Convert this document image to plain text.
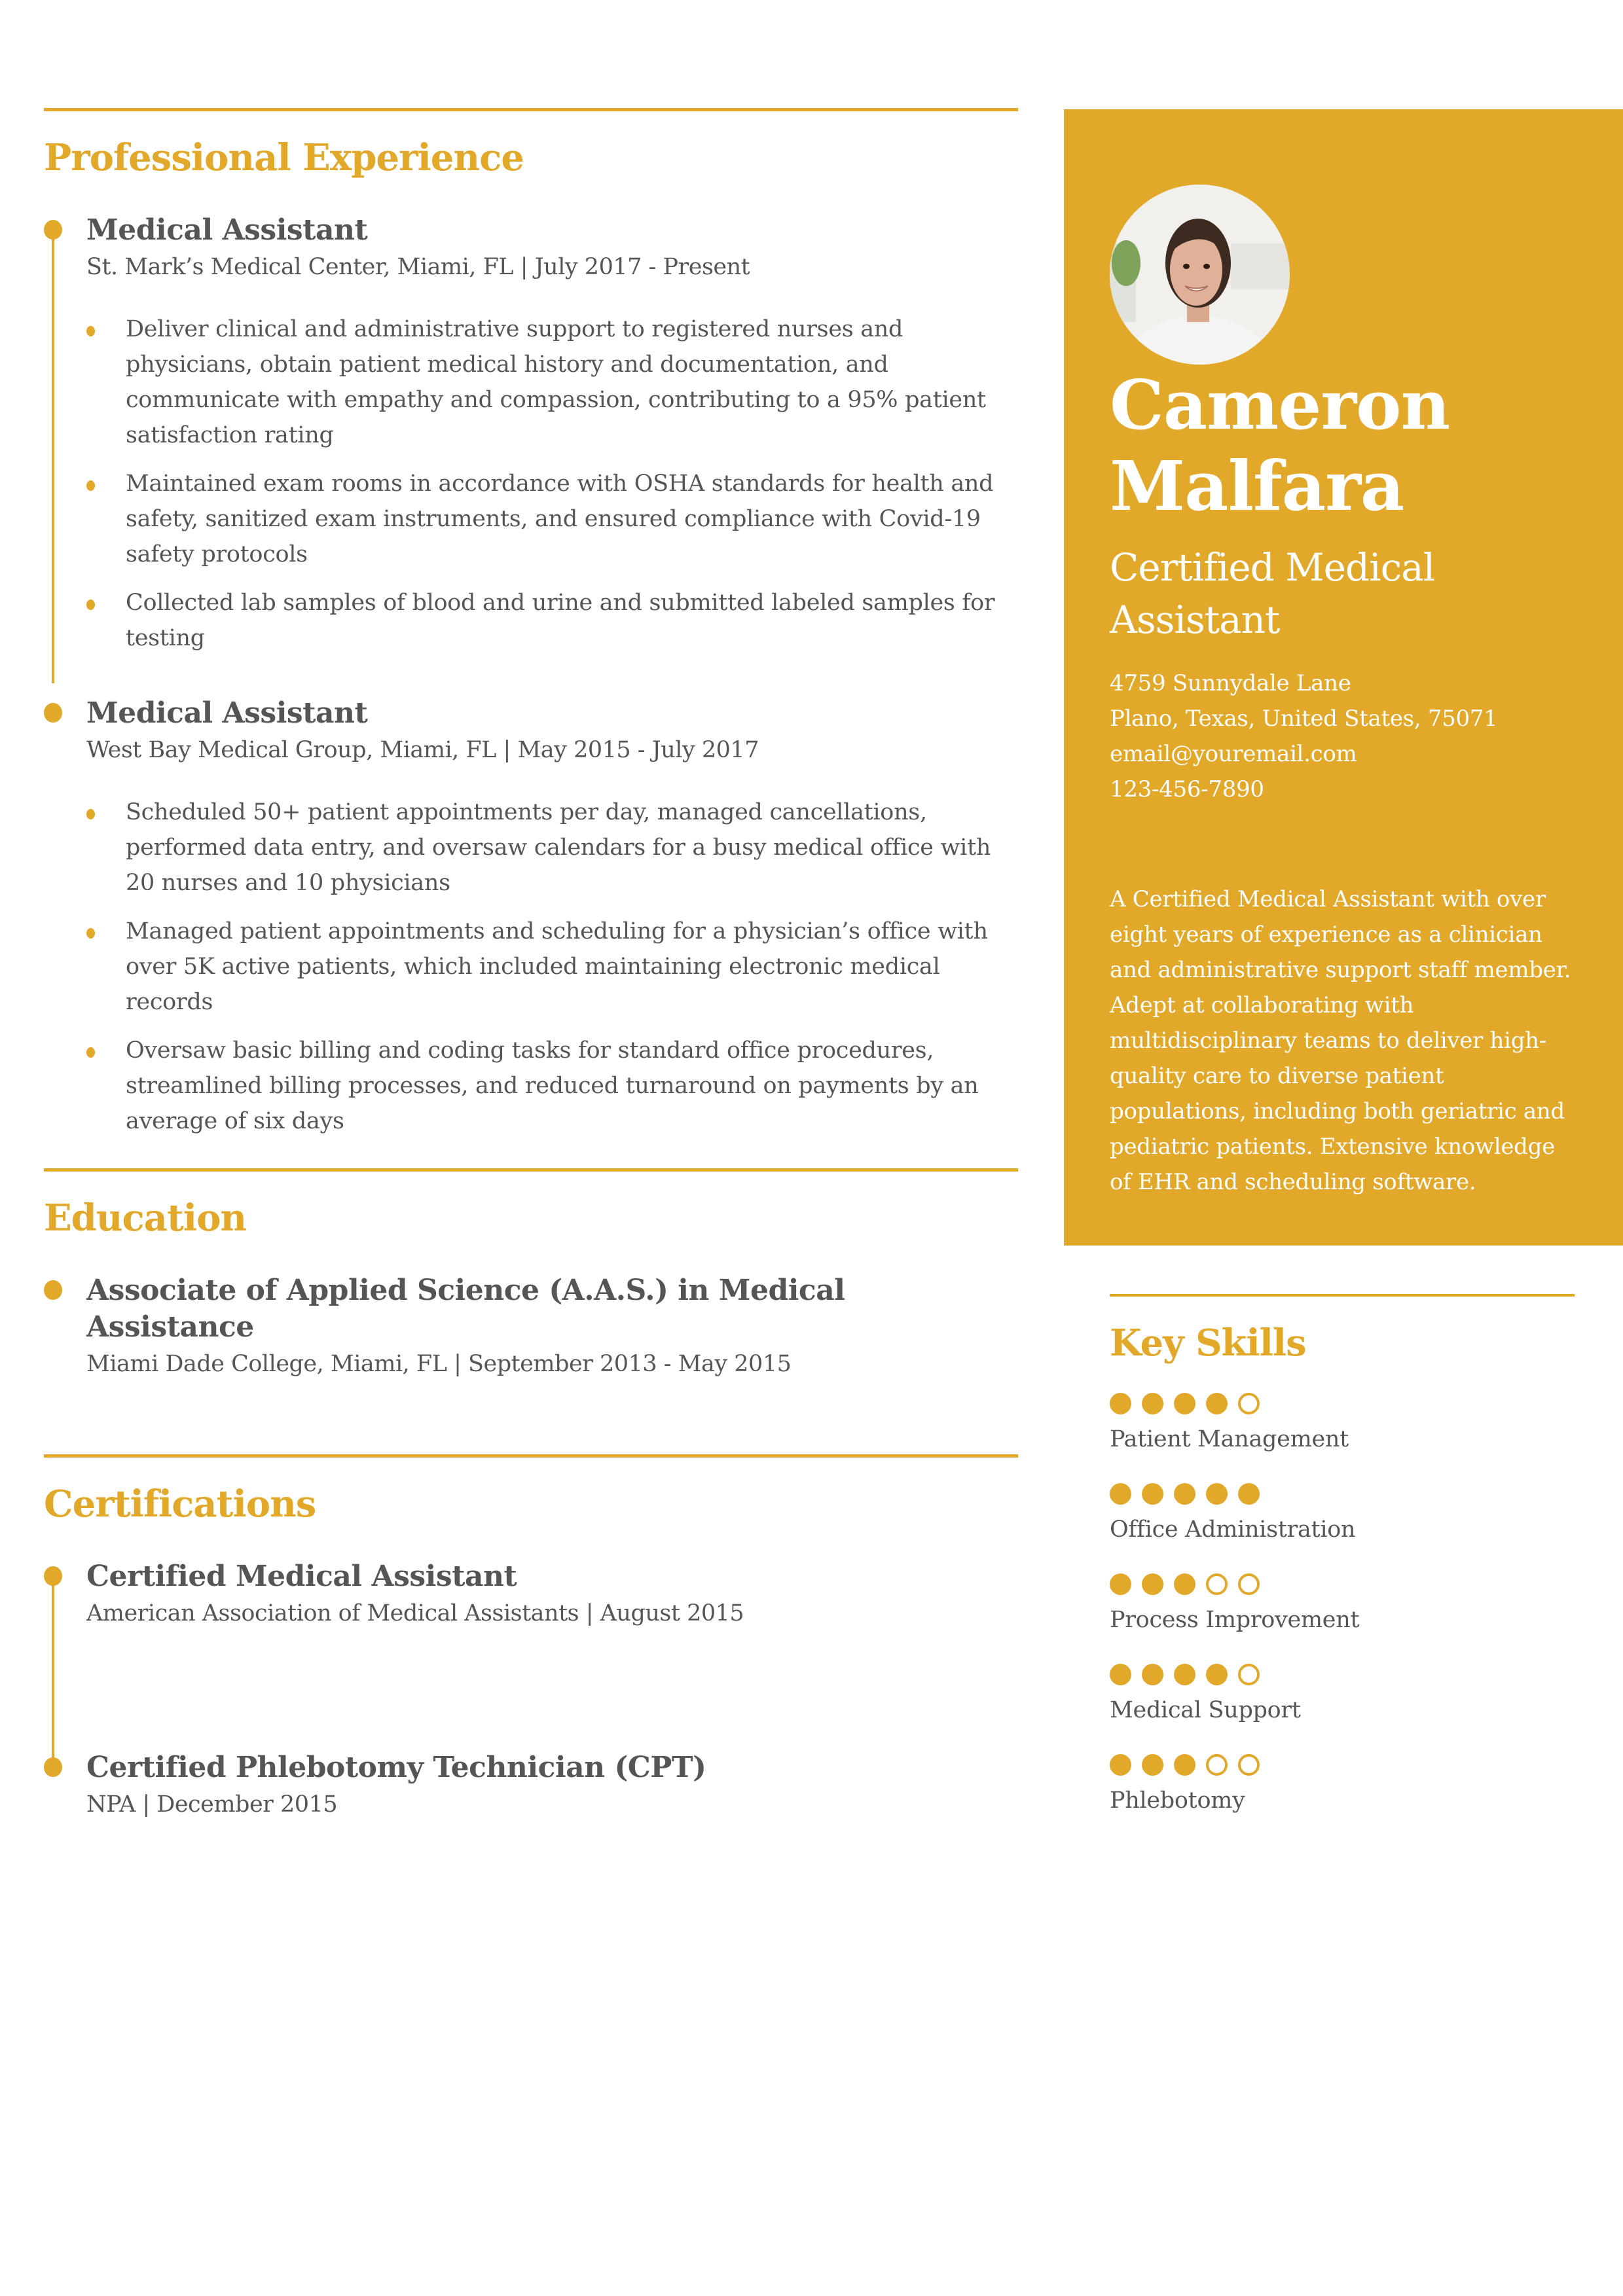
Professional Experience
Medical Assistant
St. Mark’s Medical Center, Miami, FL | July 2017 - Present
Deliver clinical and administrative support to registered nurses and physicians, obtain patient medical history and documentation, and communicate with empathy and compassion, contributing to a 95% patient satisfaction rating
Maintained exam rooms in accordance with OSHA standards for health and safety, sanitized exam instruments, and ensured compliance with Covid-19 safety protocols
Collected lab samples of blood and urine and submitted labeled samples for testing
Medical Assistant
West Bay Medical Group, Miami, FL | May 2015 - July 2017
Scheduled 50+ patient appointments per day, managed cancellations, performed data entry, and oversaw calendars for a busy medical office with 20 nurses and 10 physicians
Managed patient appointments and scheduling for a physician’s office with over 5K active patients, which included maintaining electronic medical records
Oversaw basic billing and coding tasks for standard office procedures, streamlined billing processes, and reduced turnaround on payments by an average of six days
Education
Associate of Applied Science (A.A.S.) in Medical Assistance
Miami Dade College, Miami, FL | September 2013 - May 2015
Certifications
Certified Medical Assistant
American Association of Medical Assistants | August 2015
Certified Phlebotomy Technician (CPT)
NPA | December 2015
Cameron
Malfara
Certified Medical Assistant
4759 Sunnydale Lane
Plano, Texas, United States, 75071
email@youremail.com
123-456-7890

A Certified Medical Assistant with over eight years of experience as a clinician and administrative support staff member. Adept at collaborating with multidisciplinary teams to deliver high-quality care to diverse patient populations, including both geriatric and pediatric patients. Extensive knowledge of EHR and scheduling software.

Key Skills
Patient Management
Office Administration
Process Improvement
Medical Support
Phlebotomy
